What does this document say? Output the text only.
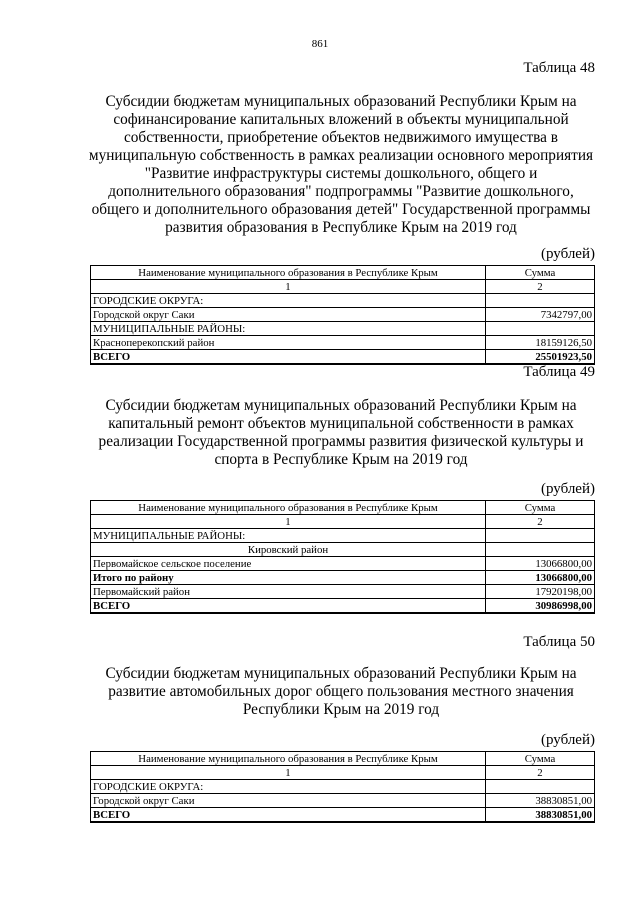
861
Таблица 48
Субсидии бюджетам муниципальных образований Республики Крым на софинансирование капитальных вложений в объекты муниципальной собственности, приобретение объектов недвижимого имущества в муниципальную собственность в рамках реализации основного мероприятия "Развитие инфраструктуры системы дошкольного, общего и дополнительного образования" подпрограммы "Развитие дошкольного, общего и дополнительного образования детей" Государственной программы развития образования в Республике Крым на 2019 год
(рублей)
Наименование муниципального образования в Республике Крым	Сумма
1	2
ГОРОДСКИЕ ОКРУГА:	
Городской округ Саки	7342797,00
МУНИЦИПАЛЬНЫЕ РАЙОНЫ:	
Красноперекопский район	18159126,50
ВСЕГО	25501923,50
Таблица 49
Субсидии бюджетам муниципальных образований Республики Крым на капитальный ремонт объектов муниципальной собственности в рамках реализации Государственной программы развития физической культуры и спорта в Республике Крым на 2019 год
(рублей)
Наименование муниципального образования в Республике Крым	Сумма
1	2
МУНИЦИПАЛЬНЫЕ РАЙОНЫ:	
Кировский район	
Первомайское сельское поселение	13066800,00
Итого по району	13066800,00
Первомайский район	17920198,00
ВСЕГО	30986998,00
Таблица 50
Субсидии бюджетам муниципальных образований Республики Крым на развитие автомобильных дорог общего пользования местного значения Республики Крым на 2019 год
(рублей)
Наименование муниципального образования в Республике Крым	Сумма
1	2
ГОРОДСКИЕ ОКРУГА:	
Городской округ Саки	38830851,00
ВСЕГО	38830851,00
